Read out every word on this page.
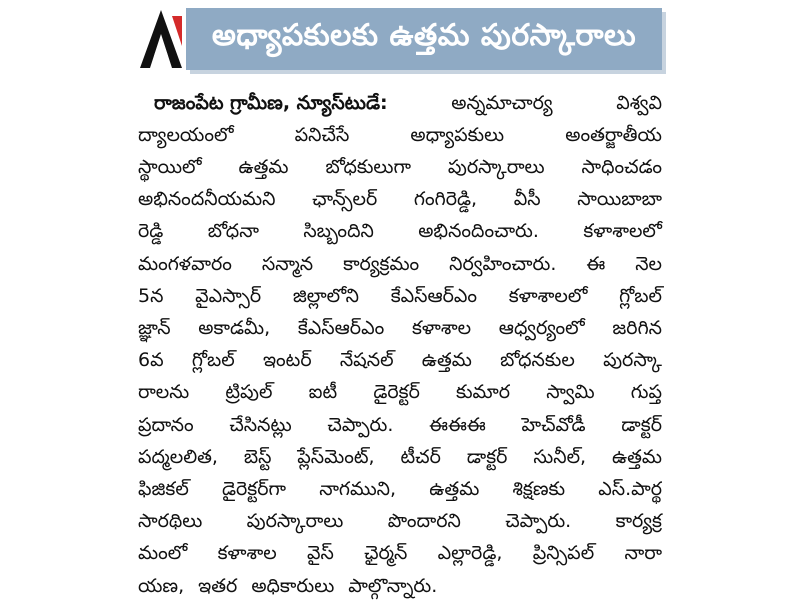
అధ్యాపకులకు ఉత్తమ పురస్కారాలు
రాజంపేట గ్రామీణ, న్యూస్‌టుడే:	అన్నమాచార్య	విశ్వవి
ద్యాలయంలో	పనిచేసే	అధ్యాపకులు	అంతర్జాతీయ
స్థాయిలో ఉత్తమ బోధకులుగా పురస్కారాలు సాధించడం
అభినందనీయమని ఛాన్స్‌లర్ గంగిరెడ్డి, వీసీ సాయిబాబా
రెడ్డి బోధనా సిబ్బందిని అభినందించారు. కళాశాలలో
మంగళవారం సన్మాన కార్యక్రమం నిర్వహించారు. ఈ నెల
5న వైఎస్సార్ జిల్లాలోని కేఎస్‌ఆర్‌ఎం కళాశాలలో గ్లోబల్
జ్ఞాన్ అకాడమీ, కేఎస్‌ఆర్‌ఎం కళాశాల ఆధ్వర్యంలో జరిగిన
6వ గ్లోబల్ ఇంటర్ నేషనల్ ఉత్తమ బోధనకుల పురస్కా
రాలను ట్రిపుల్ ఐటీ డైరెక్టర్ కుమార స్వామి గుప్త
ప్రదానం చేసినట్లు చెప్పారు. ఈఈఈ హెచ్‌వోడీ డాక్టర్
పద్మలలిత, బెస్ట్ ప్లేస్‌మెంట్, టీచర్ డాక్టర్ సునీల్, ఉత్తమ
ఫిజికల్ డైరెక్టర్‌గా నాగముని, ఉత్తమ శిక్షణకు ఎస్.పార్థ
సారథిలు పురస్కారాలు పొందారని చెప్పారు. కార్యక్ర
మంలో కళాశాల వైస్ ఛైర్మన్ ఎల్లారెడ్డి, ప్రిన్సిపల్ నారా
యణ, ఇతర అధికారులు పాల్గొన్నారు.
